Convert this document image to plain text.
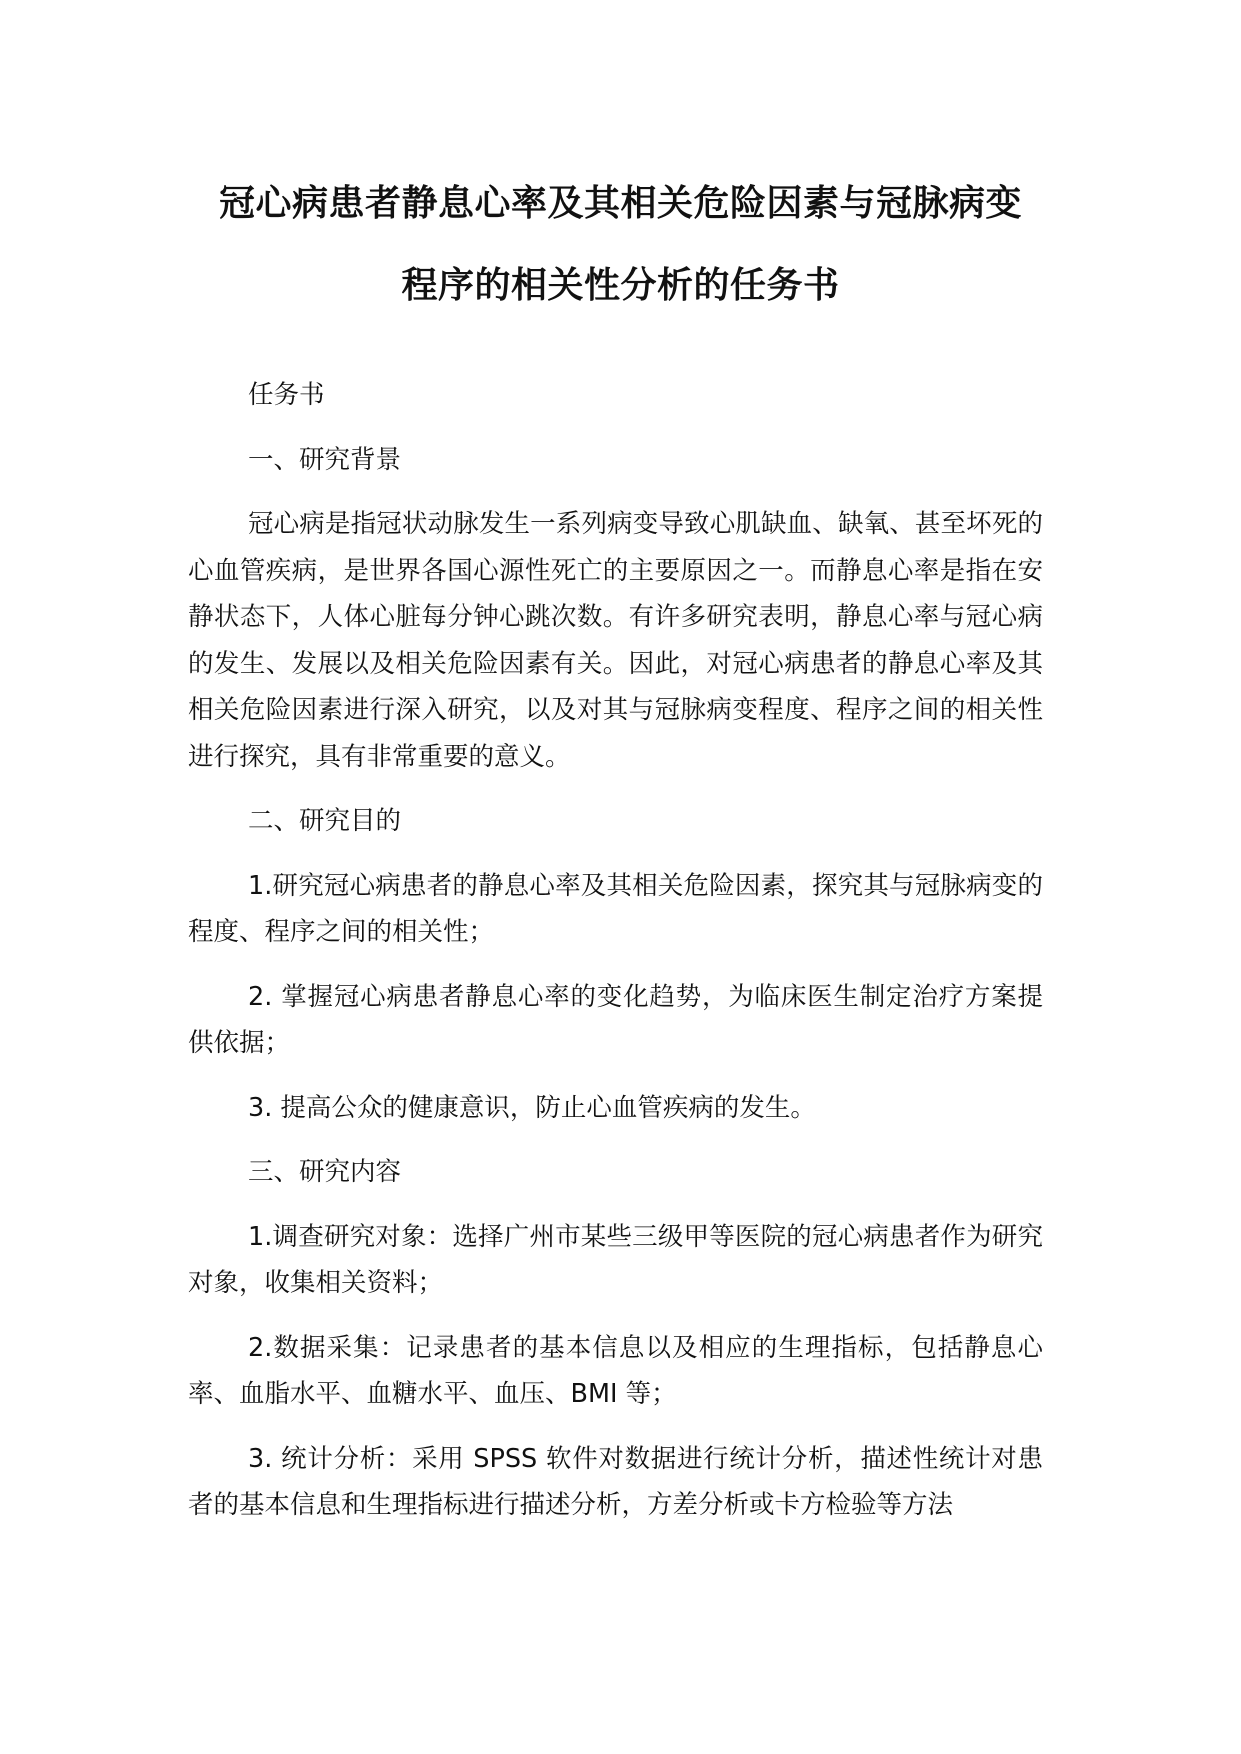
冠心病患者静息心率及其相关危险因素与冠脉病变
程序的相关性分析的任务书

任务书

一、研究背景

冠心病是指冠状动脉发生一系列病变导致心肌缺血、缺氧、甚至坏死的心血管疾病，是世界各国心源性死亡的主要原因之一。而静息心率是指在安静状态下，人体心脏每分钟心跳次数。有许多研究表明，静息心率与冠心病的发生、发展以及相关危险因素有关。因此，对冠心病患者的静息心率及其相关危险因素进行深入研究，以及对其与冠脉病变程度、程序之间的相关性进行探究，具有非常重要的意义。

二、研究目的

1.研究冠心病患者的静息心率及其相关危险因素，探究其与冠脉病变的程度、程序之间的相关性；

2. 掌握冠心病患者静息心率的变化趋势，为临床医生制定治疗方案提供依据；

3. 提高公众的健康意识，防止心血管疾病的发生。

三、研究内容

1.调查研究对象：选择广州市某些三级甲等医院的冠心病患者作为研究对象，收集相关资料；

2.数据采集：记录患者的基本信息以及相应的生理指标，包括静息心率、血脂水平、血糖水平、血压、BMI 等；

3. 统计分析：采用 SPSS 软件对数据进行统计分析，描述性统计对患者的基本信息和生理指标进行描述分析，方差分析或卡方检验等方法
